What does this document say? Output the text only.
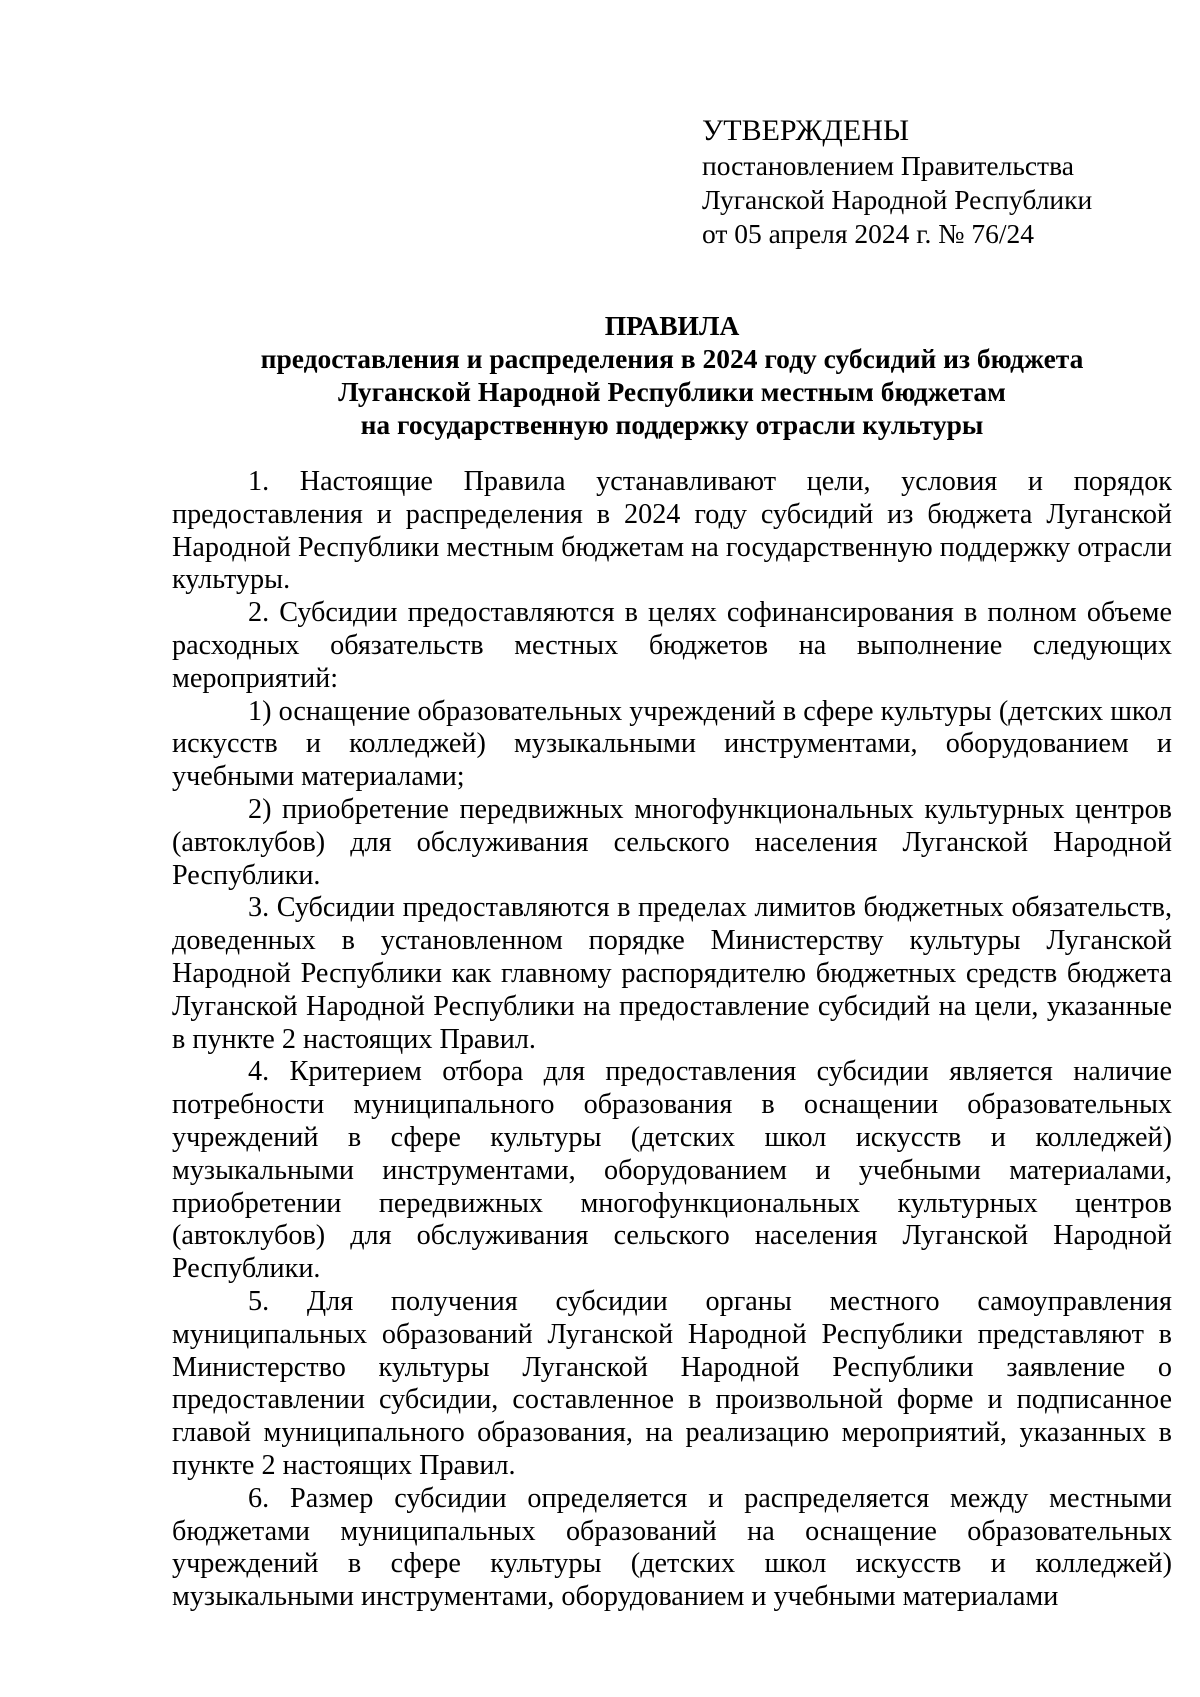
УТВЕРЖДЕНЫ
постановлением Правительства
Луганской Народной Республики
от 05 апреля 2024 г. № 76/24
ПРАВИЛА
предоставления и распределения в 2024 году субсидий из бюджета
Луганской Народной Республики местным бюджетам
на государственную поддержку отрасли культуры

1. Настоящие Правила устанавливают цели, условия и порядок предоставления и распределения в 2024 году субсидий из бюджета Луганской Народной Республики местным бюджетам на государственную поддержку отрасли культуры.

2. Субсидии предоставляются в целях софинансирования в полном объеме расходных обязательств местных бюджетов на выполнение следующих мероприятий:

1) оснащение образовательных учреждений в сфере культуры (детских школ искусств и колледжей) музыкальными инструментами, оборудованием и учебными материалами;

2) приобретение передвижных многофункциональных культурных центров (автоклубов) для обслуживания сельского населения Луганской Народной Республики.

3. Субсидии предоставляются в пределах лимитов бюджетных обязательств, доведенных в установленном порядке Министерству культуры Луганской Народной Республики как главному распорядителю бюджетных средств бюджета Луганской Народной Республики на предоставление субсидий на цели, указанные в пункте 2 настоящих Правил.

4. Критерием отбора для предоставления субсидии является наличие потребности муниципального образования в оснащении образовательных учреждений в сфере культуры (детских школ искусств и колледжей) музыкальными инструментами, оборудованием и учебными материалами, приобретении передвижных многофункциональных культурных центров (автоклубов) для обслуживания сельского населения Луганской Народной Республики.

5. Для получения субсидии органы местного самоуправления муниципальных образований Луганской Народной Республики представляют в Министерство культуры Луганской Народной Республики заявление о предоставлении субсидии, составленное в произвольной форме и подписанное главой муниципального образования, на реализацию мероприятий, указанных в пункте 2 настоящих Правил.

6. Размер субсидии определяется и распределяется между местными бюджетами муниципальных образований на оснащение образовательных учреждений в сфере культуры (детских школ искусств и колледжей) музыкальными инструментами, оборудованием и учебными материалами
